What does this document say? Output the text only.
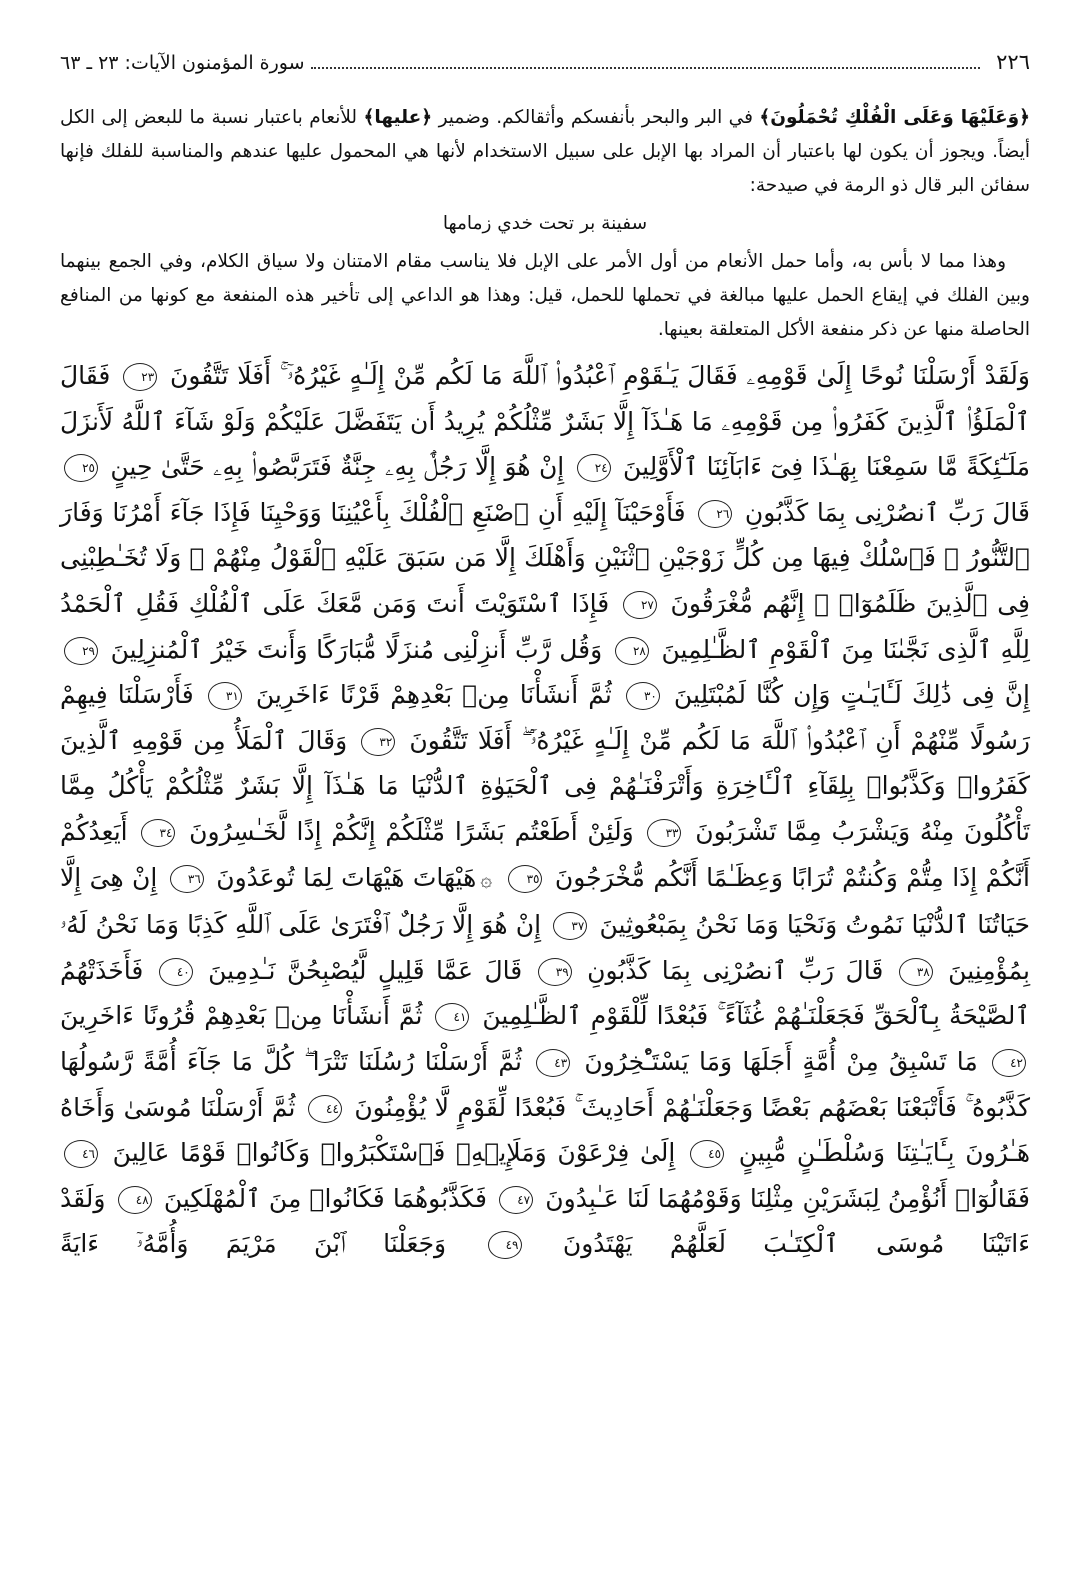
٢٢٦
سورة المؤمنون الآيات: ٢٣ ـ ٦٣

﴿وَعَلَيْهَا وَعَلَى الْفُلْكِ تُحْمَلُونَ﴾ في البر والبحر بأنفسكم وأثقالكم. وضمير ﴿عليها﴾ للأنعام باعتبار نسبة ما للبعض إلى الكل أيضاً. ويجوز أن يكون لها باعتبار أن المراد بها الإبل على سبيل الاستخدام لأنها هي المحمول عليها عندهم والمناسبة للفلك فإنها سفائن البر قال ذو الرمة في صيدحة:

سفينة بر تحت خدي زمامها

وهذا مما لا بأس به، وأما حمل الأنعام من أول الأمر على الإبل فلا يناسب مقام الامتنان ولا سياق الكلام، وفي الجمع بينهما وبين الفلك في إيقاع الحمل عليها مبالغة في تحملها للحمل، قيل: وهذا هو الداعي إلى تأخير هذه المنفعة مع كونها من المنافع الحاصلة منها عن ذكر منفعة الأكل المتعلقة بعينها.

وَلَقَدْ أَرْسَلْنَا نُوحًا إِلَىٰ قَوْمِهِۦ فَقَالَ يَـٰقَوْمِ ٱعْبُدُوا۟ ٱللَّهَ مَا لَكُم مِّنْ إِلَـٰهٍ غَيْرُهُۥٓ ۚ أَفَلَا تَتَّقُونَ ٢٣ فَقَالَ ٱلْمَلَؤُا۟ ٱلَّذِينَ كَفَرُوا۟ مِن قَوْمِهِۦ مَا هَـٰذَآ إِلَّا بَشَرٌ مِّثْلُكُمْ يُرِيدُ أَن يَتَفَضَّلَ عَلَيْكُمْ وَلَوْ شَآءَ ٱللَّهُ لَأَنزَلَ مَلَـٰٓئِكَةً مَّا سَمِعْنَا بِهَـٰذَا فِىٓ ءَابَآئِنَا ٱلْأَوَّلِينَ ٢٤ إِنْ هُوَ إِلَّا رَجُلٌۢ بِهِۦ جِنَّةٌ فَتَرَبَّصُوا۟ بِهِۦ حَتَّىٰ حِينٍ ٢٥ قَالَ رَبِّ ٱنصُرْنِى بِمَا كَذَّبُونِ ٢٦ فَأَوْحَيْنَآ إِلَيْهِ أَنِ ٱصْنَعِ ٱلْفُلْكَ بِأَعْيُنِنَا وَوَحْيِنَا فَإِذَا جَآءَ أَمْرُنَا وَفَارَ ٱلتَّنُّورُ ۙ فَٱسْلُكْ فِيهَا مِن كُلٍّ زَوْجَيْنِ ٱثْنَيْنِ وَأَهْلَكَ إِلَّا مَن سَبَقَ عَلَيْهِ ٱلْقَوْلُ مِنْهُمْ ۖ وَلَا تُخَـٰطِبْنِى فِى ٱلَّذِينَ ظَلَمُوٓا۟ ۖ إِنَّهُم مُّغْرَقُونَ ٢٧ فَإِذَا ٱسْتَوَيْتَ أَنتَ وَمَن مَّعَكَ عَلَى ٱلْفُلْكِ فَقُلِ ٱلْحَمْدُ لِلَّهِ ٱلَّذِى نَجَّىٰنَا مِنَ ٱلْقَوْمِ ٱلظَّـٰلِمِينَ ٢٨ وَقُل رَّبِّ أَنزِلْنِى مُنزَلًا مُّبَارَكًا وَأَنتَ خَيْرُ ٱلْمُنزِلِينَ ٢٩ إِنَّ فِى ذَٰلِكَ لَـَٔايَـٰتٍ وَإِن كُنَّا لَمُبْتَلِينَ ٣٠ ثُمَّ أَنشَأْنَا مِنۢ بَعْدِهِمْ قَرْنًا ءَاخَرِينَ ٣١ فَأَرْسَلْنَا فِيهِمْ رَسُولًا مِّنْهُمْ أَنِ ٱعْبُدُوا۟ ٱللَّهَ مَا لَكُم مِّنْ إِلَـٰهٍ غَيْرُهُۥٓ ۖ أَفَلَا تَتَّقُونَ ٣٢ وَقَالَ ٱلْمَلَأُ مِن قَوْمِهِ ٱلَّذِينَ كَفَرُوا۟ وَكَذَّبُوا۟ بِلِقَآءِ ٱلْـَٔاخِرَةِ وَأَتْرَفْنَـٰهُمْ فِى ٱلْحَيَوٰةِ ٱلدُّنْيَا مَا هَـٰذَآ إِلَّا بَشَرٌ مِّثْلُكُمْ يَأْكُلُ مِمَّا تَأْكُلُونَ مِنْهُ وَيَشْرَبُ مِمَّا تَشْرَبُونَ ٣٣ وَلَئِنْ أَطَعْتُم بَشَرًا مِّثْلَكُمْ إِنَّكُمْ إِذًا لَّخَـٰسِرُونَ ٣٤ أَيَعِدُكُمْ أَنَّكُمْ إِذَا مِتُّمْ وَكُنتُمْ تُرَابًا وَعِظَـٰمًا أَنَّكُم مُّخْرَجُونَ ٣٥ ۞هَيْهَاتَ هَيْهَاتَ لِمَا تُوعَدُونَ ٣٦ إِنْ هِىَ إِلَّا حَيَاتُنَا ٱلدُّنْيَا نَمُوتُ وَنَحْيَا وَمَا نَحْنُ بِمَبْعُوثِينَ ٣٧ إِنْ هُوَ إِلَّا رَجُلٌ ٱفْتَرَىٰ عَلَى ٱللَّهِ كَذِبًا وَمَا نَحْنُ لَهُۥ بِمُؤْمِنِينَ ٣٨ قَالَ رَبِّ ٱنصُرْنِى بِمَا كَذَّبُونِ ٣٩ قَالَ عَمَّا قَلِيلٍ لَّيُصْبِحُنَّ نَـٰدِمِينَ ٤٠ فَأَخَذَتْهُمُ ٱلصَّيْحَةُ بِٱلْحَقِّ فَجَعَلْنَـٰهُمْ غُثَآءً ۚ فَبُعْدًا لِّلْقَوْمِ ٱلظَّـٰلِمِينَ ٤١ ثُمَّ أَنشَأْنَا مِنۢ بَعْدِهِمْ قُرُونًا ءَاخَرِينَ ٤٢ مَا تَسْبِقُ مِنْ أُمَّةٍ أَجَلَهَا وَمَا يَسْتَـْٔخِرُونَ ٤٣ ثُمَّ أَرْسَلْنَا رُسُلَنَا تَتْرَا ۖ كُلَّ مَا جَآءَ أُمَّةً رَّسُولُهَا كَذَّبُوهُ ۚ فَأَتْبَعْنَا بَعْضَهُم بَعْضًا وَجَعَلْنَـٰهُمْ أَحَادِيثَ ۚ فَبُعْدًا لِّقَوْمٍ لَّا يُؤْمِنُونَ ٤٤ ثُمَّ أَرْسَلْنَا مُوسَىٰ وَأَخَاهُ هَـٰرُونَ بِـَٔايَـٰتِنَا وَسُلْطَـٰنٍ مُّبِينٍ ٤٥ إِلَىٰ فِرْعَوْنَ وَمَلَإِي۟هِۦ فَٱسْتَكْبَرُوا۟ وَكَانُوا۟ قَوْمًا عَالِينَ ٤٦ فَقَالُوٓا۟ أَنُؤْمِنُ لِبَشَرَيْنِ مِثْلِنَا وَقَوْمُهُمَا لَنَا عَـٰبِدُونَ ٤٧ فَكَذَّبُوهُمَا فَكَانُوا۟ مِنَ ٱلْمُهْلَكِينَ ٤٨ وَلَقَدْ ءَاتَيْنَا مُوسَى ٱلْكِتَـٰبَ لَعَلَّهُمْ يَهْتَدُونَ ٤٩ وَجَعَلْنَا ٱبْنَ مَرْيَمَ وَأُمَّهُۥٓ ءَايَةً
